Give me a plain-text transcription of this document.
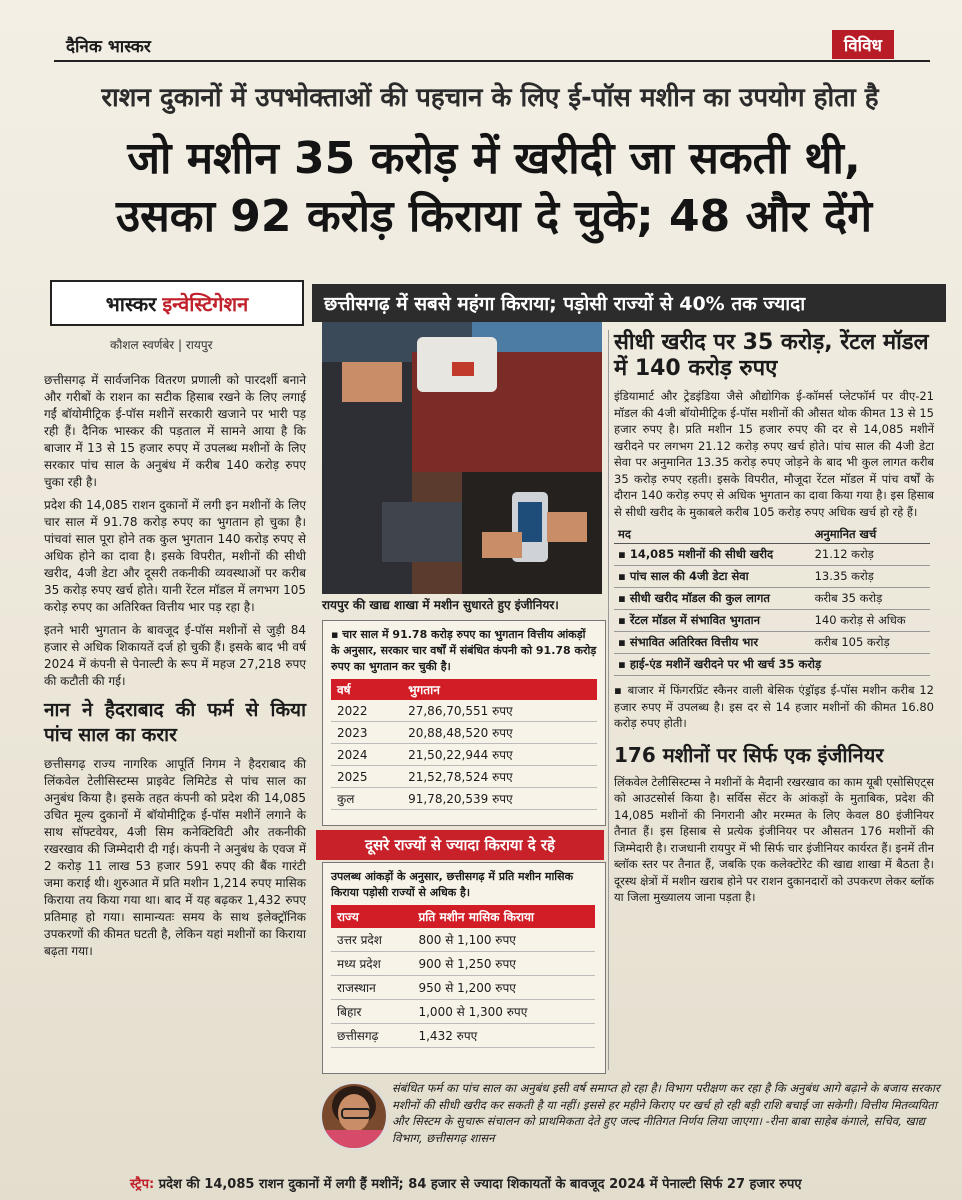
दैनिक भास्कर	विविध
राशन दुकानों में उपभोक्ताओं की पहचान के लिए ई-पॉस मशीन का उपयोग होता है
जो मशीन 35 करोड़ में खरीदी जा सकती थी,
उसका 92 करोड़ किराया दे चुके; 48 और देंगे
भास्कर इन्वेस्टिगेशन
कौशल स्वर्णबेर | रायपुर

छत्तीसगढ़ में सार्वजनिक वितरण प्रणाली को पारदर्शी बनाने और गरीबों के राशन का सटीक हिसाब रखने के लिए लगाई गईं बॉयोमीट्रिक ई-पॉस मशीनें सरकारी खजाने पर भारी पड़ रही हैं। दैनिक भास्कर की पड़ताल में सामने आया है कि बाजार में 13 से 15 हजार रुपए में उपलब्ध मशीनों के लिए सरकार पांच साल के अनुबंध में करीब 140 करोड़ रुपए चुका रही है।

प्रदेश की 14,085 राशन दुकानों में लगी इन मशीनों के लिए चार साल में 91.78 करोड़ रुपए का भुगतान हो चुका है। पांचवां साल पूरा होने तक कुल भुगतान 140 करोड़ रुपए से अधिक होने का दावा है। इसके विपरीत, मशीनों की सीधी खरीद, 4जी डेटा और दूसरी तकनीकी व्यवस्थाओं पर करीब 35 करोड़ रुपए खर्च होते। यानी रेंटल मॉडल में लगभग 105 करोड़ रुपए का अतिरिक्त वित्तीय भार पड़ रहा है।

इतने भारी भुगतान के बावजूद ई-पॉस मशीनों से जुड़ी 84 हजार से अधिक शिकायतें दर्ज हो चुकी हैं। इसके बाद भी वर्ष 2024 में कंपनी से पेनाल्टी के रूप में महज 27,218 रुपए की कटौती की गई।

नान ने हैदराबाद की फर्म से किया पांच साल का करार

छत्तीसगढ़ राज्य नागरिक आपूर्ति निगम ने हैदराबाद की लिंकवेल टेलीसिस्टम्स प्राइवेट लिमिटेड से पांच साल का अनुबंध किया है। इसके तहत कंपनी को प्रदेश की 14,085 उचित मूल्य दुकानों में बॉयोमीट्रिक ई-पॉस मशीनें लगाने के साथ सॉफ्टवेयर, 4जी सिम कनेक्टिविटी और तकनीकी रखरखाव की जिम्मेदारी दी गई। कंपनी ने अनुबंध के एवज में 2 करोड़ 11 लाख 53 हजार 591 रुपए की बैंक गारंटी जमा कराई थी। शुरुआत में प्रति मशीन 1,214 रुपए मासिक किराया तय किया गया था। बाद में यह बढ़कर 1,432 रुपए प्रतिमाह हो गया। सामान्यतः समय के साथ इलेक्ट्रॉनिक उपकरणों की कीमत घटती है, लेकिन यहां मशीनों का किराया बढ़ता गया।

छत्तीसगढ़ में सबसे महंगा किराया; पड़ोसी राज्यों से 40% तक ज्यादा
रायपुर की खाद्य शाखा में मशीन सुधारते हुए इंजीनियर।
▪ चार साल में 91.78 करोड़ रुपए का भुगतान वित्तीय आंकड़ों के अनुसार, सरकार चार वर्षों में संबंधित कंपनी को 91.78 करोड़ रुपए का भुगतान कर चुकी है।
वर्ष	भुगतान
2022	27,86,70,551 रुपए
2023	20,88,48,520 रुपए
2024	21,50,22,944 रुपए
2025	21,52,78,524 रुपए
कुल	91,78,20,539 रुपए
दूसरे राज्यों से ज्यादा किराया दे रहे
उपलब्ध आंकड़ों के अनुसार, छत्तीसगढ़ में प्रति मशीन मासिक किराया पड़ोसी राज्यों से अधिक है।
राज्य	प्रति मशीन मासिक किराया
उत्तर प्रदेश	800 से 1,100 रुपए
मध्य प्रदेश	900 से 1,250 रुपए
राजस्थान	950 से 1,200 रुपए
बिहार	1,000 से 1,300 रुपए
छत्तीसगढ़	1,432 रुपए
सीधी खरीद पर 35 करोड़, रेंटल मॉडल में 140 करोड़ रुपए

इंडियामार्ट और ट्रेडइंडिया जैसे औद्योगिक ई-कॉमर्स प्लेटफॉर्म पर वीए-21 मॉडल की 4जी बॉयोमीट्रिक ई-पॉस मशीनों की औसत थोक कीमत 13 से 15 हजार रुपए है। प्रति मशीन 15 हजार रुपए की दर से 14,085 मशीनें खरीदने पर लगभग 21.12 करोड़ रुपए खर्च होते। पांच साल की 4जी डेटा सेवा पर अनुमानित 13.35 करोड़ रुपए जोड़ने के बाद भी कुल लागत करीब 35 करोड़ रुपए रहती। इसके विपरीत, मौजूदा रेंटल मॉडल में पांच वर्षों के दौरान 140 करोड़ रुपए से अधिक भुगतान का दावा किया गया है। इस हिसाब से सीधी खरीद के मुकाबले करीब 105 करोड़ रुपए अधिक खर्च हो रहे हैं।

मद	अनुमानित खर्च
▪ 14,085 मशीनों की सीधी खरीद	21.12 करोड़
▪ पांच साल की 4जी डेटा सेवा	13.35 करोड़
▪ सीधी खरीद मॉडल की कुल लागत	करीब 35 करोड़
▪ रेंटल मॉडल में संभावित भुगतान	140 करोड़ से अधिक
▪ संभावित अतिरिक्त वित्तीय भार	करीब 105 करोड़
▪ हाई-एंड मशीनें खरीदने पर भी खर्च 35 करोड़

▪ बाजार में फिंगरप्रिंट स्कैनर वाली बेसिक एंड्रॉइड ई-पॉस मशीन करीब 12 हजार रुपए में उपलब्ध है। इस दर से 14 हजार मशीनों की कीमत 16.80 करोड़ रुपए होती।

176 मशीनों पर सिर्फ एक इंजीनियर

लिंकवेल टेलीसिस्टम्स ने मशीनों के मैदानी रखरखाव का काम यूबी एसोसिएट्स को आउटसोर्स किया है। सर्विस सेंटर के आंकड़ों के मुताबिक, प्रदेश की 14,085 मशीनों की निगरानी और मरम्मत के लिए केवल 80 इंजीनियर तैनात हैं। इस हिसाब से प्रत्येक इंजीनियर पर औसतन 176 मशीनों की जिम्मेदारी है। राजधानी रायपुर में भी सिर्फ चार इंजीनियर कार्यरत हैं। इनमें तीन ब्लॉक स्तर पर तैनात हैं, जबकि एक कलेक्टोरेट की खाद्य शाखा में बैठता है। दूरस्थ क्षेत्रों में मशीन खराब होने पर राशन दुकानदारों को उपकरण लेकर ब्लॉक या जिला मुख्यालय जाना पड़ता है।

संबंधित फर्म का पांच साल का अनुबंध इसी वर्ष समाप्त हो रहा है। विभाग परीक्षण कर रहा है कि अनुबंध आगे बढ़ाने के बजाय सरकार मशीनों की सीधी खरीद कर सकती है या नहीं। इससे हर महीने किराए पर खर्च हो रही बड़ी राशि बचाई जा सकेगी। वित्तीय मितव्ययिता और सिस्टम के सुचारू संचालन को प्राथमिकता देते हुए जल्द नीतिगत निर्णय लिया जाएगा। -रीना बाबा साहेब कंगाले, सचिव, खाद्य विभाग, छत्तीसगढ़ शासन
स्ट्रैप: प्रदेश की 14,085 राशन दुकानों में लगी हैं मशीनें; 84 हजार से ज्यादा शिकायतों के बावजूद 2024 में पेनाल्टी सिर्फ 27 हजार रुपए
